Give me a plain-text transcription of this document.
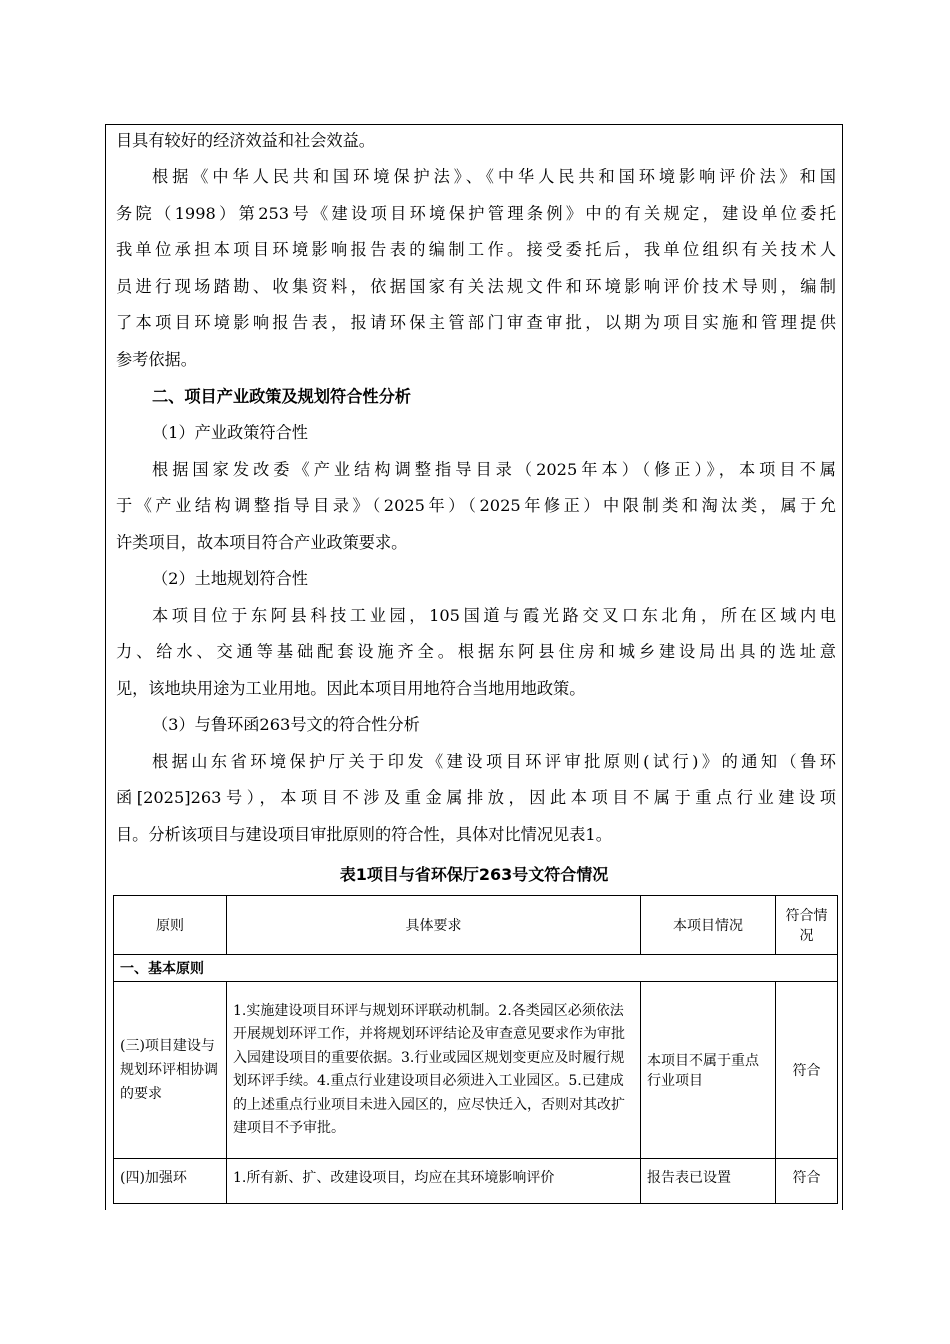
目具有较好的经济效益和社会效益。
根据《中华人民共和国环境保护法》、《中华人民共和国环境影响评价法》和国
务院（1998）第253号《建设项目环境保护管理条例》中的有关规定，建设单位委托
我单位承担本项目环境影响报告表的编制工作。接受委托后，我单位组织有关技术人
员进行现场踏勘、收集资料，依据国家有关法规文件和环境影响评价技术导则，编制
了本项目环境影响报告表，报请环保主管部门审查审批，以期为项目实施和管理提供
参考依据。
二、项目产业政策及规划符合性分析
（1）产业政策符合性
根据国家发改委《产业结构调整指导目录（2025年本）（修正）》，本项目不属
于《产业结构调整指导目录》（2025年）（2025年修正）中限制类和淘汰类，属于允
许类项目，故本项目符合产业政策要求。
（2）土地规划符合性
本项目位于东阿县科技工业园，105国道与霞光路交叉口东北角，所在区域内电
力、给水、交通等基础配套设施齐全。根据东阿县住房和城乡建设局出具的选址意
见，该地块用途为工业用地。因此本项目用地符合当地用地政策。
（3）与鲁环函263号文的符合性分析
根据山东省环境保护厅关于印发《建设项目环评审批原则(试行)》的通知（鲁环
函[2025]263号），本项目不涉及重金属排放，因此本项目不属于重点行业建设项
目。分析该项目与建设项目审批原则的符合性，具体对比情况见表1。
表1项目与省环保厅263号文符合情况
原则	具体要求	本项目情况	符合情况
一、基本原则			
(三)项目建设与规划环评相协调的要求	1.实施建设项目环评与规划环评联动机制。2.各类园区必须依法开展规划环评工作，并将规划环评结论及审查意见要求作为审批入园建设项目的重要依据。3.行业或园区规划变更应及时履行规划环评手续。4.重点行业建设项目必须进入工业园区。5.已建成的上述重点行业项目未进入园区的，应尽快迁入，否则对其改扩建项目不予审批。	本项目不属于重点行业项目	符合
(四)加强环	1.所有新、扩、改建设项目，均应在其环境影响评价	报告表已设置	符合
